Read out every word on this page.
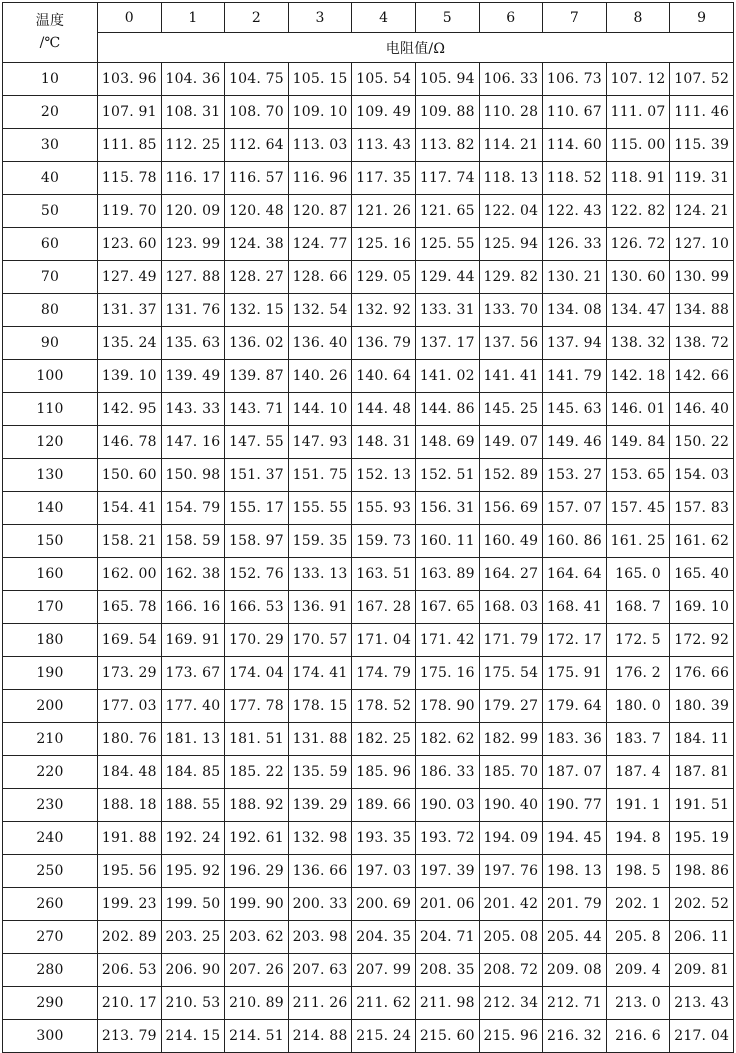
温度
/℃	0	1	2	3	4	5	6	7	8	9
	电阻值/Ω									
10	103. 96	104. 36	104. 75	105. 15	105. 54	105. 94	106. 33	106. 73	107. 12	107. 52
20	107. 91	108. 31	108. 70	109. 10	109. 49	109. 88	110. 28	110. 67	111. 07	111. 46
30	111. 85	112. 25	112. 64	113. 03	113. 43	113. 82	114. 21	114. 60	115. 00	115. 39
40	115. 78	116. 17	116. 57	116. 96	117. 35	117. 74	118. 13	118. 52	118. 91	119. 31
50	119. 70	120. 09	120. 48	120. 87	121. 26	121. 65	122. 04	122. 43	122. 82	124. 21
60	123. 60	123. 99	124. 38	124. 77	125. 16	125. 55	125. 94	126. 33	126. 72	127. 10
70	127. 49	127. 88	128. 27	128. 66	129. 05	129. 44	129. 82	130. 21	130. 60	130. 99
80	131. 37	131. 76	132. 15	132. 54	132. 92	133. 31	133. 70	134. 08	134. 47	134. 88
90	135. 24	135. 63	136. 02	136. 40	136. 79	137. 17	137. 56	137. 94	138. 32	138. 72
100	139. 10	139. 49	139. 87	140. 26	140. 64	141. 02	141. 41	141. 79	142. 18	142. 66
110	142. 95	143. 33	143. 71	144. 10	144. 48	144. 86	145. 25	145. 63	146. 01	146. 40
120	146. 78	147. 16	147. 55	147. 93	148. 31	148. 69	149. 07	149. 46	149. 84	150. 22
130	150. 60	150. 98	151. 37	151. 75	152. 13	152. 51	152. 89	153. 27	153. 65	154. 03
140	154. 41	154. 79	155. 17	155. 55	155. 93	156. 31	156. 69	157. 07	157. 45	157. 83
150	158. 21	158. 59	158. 97	159. 35	159. 73	160. 11	160. 49	160. 86	161. 25	161. 62
160	162. 00	162. 38	152. 76	133. 13	163. 51	163. 89	164. 27	164. 64	165. 0	165. 40
170	165. 78	166. 16	166. 53	136. 91	167. 28	167. 65	168. 03	168. 41	168. 7	169. 10
180	169. 54	169. 91	170. 29	170. 57	171. 04	171. 42	171. 79	172. 17	172. 5	172. 92
190	173. 29	173. 67	174. 04	174. 41	174. 79	175. 16	175. 54	175. 91	176. 2	176. 66
200	177. 03	177. 40	177. 78	178. 15	178. 52	178. 90	179. 27	179. 64	180. 0	180. 39
210	180. 76	181. 13	181. 51	131. 88	182. 25	182. 62	182. 99	183. 36	183. 7	184. 11
220	184. 48	184. 85	185. 22	135. 59	185. 96	186. 33	185. 70	187. 07	187. 4	187. 81
230	188. 18	188. 55	188. 92	139. 29	189. 66	190. 03	190. 40	190. 77	191. 1	191. 51
240	191. 88	192. 24	192. 61	132. 98	193. 35	193. 72	194. 09	194. 45	194. 8	195. 19
250	195. 56	195. 92	196. 29	136. 66	197. 03	197. 39	197. 76	198. 13	198. 5	198. 86
260	199. 23	199. 50	199. 90	200. 33	200. 69	201. 06	201. 42	201. 79	202. 1	202. 52
270	202. 89	203. 25	203. 62	203. 98	204. 35	204. 71	205. 08	205. 44	205. 8	206. 11
280	206. 53	206. 90	207. 26	207. 63	207. 99	208. 35	208. 72	209. 08	209. 4	209. 81
290	210. 17	210. 53	210. 89	211. 26	211. 62	211. 98	212. 34	212. 71	213. 0	213. 43
300	213. 79	214. 15	214. 51	214. 88	215. 24	215. 60	215. 96	216. 32	216. 6	217. 04
